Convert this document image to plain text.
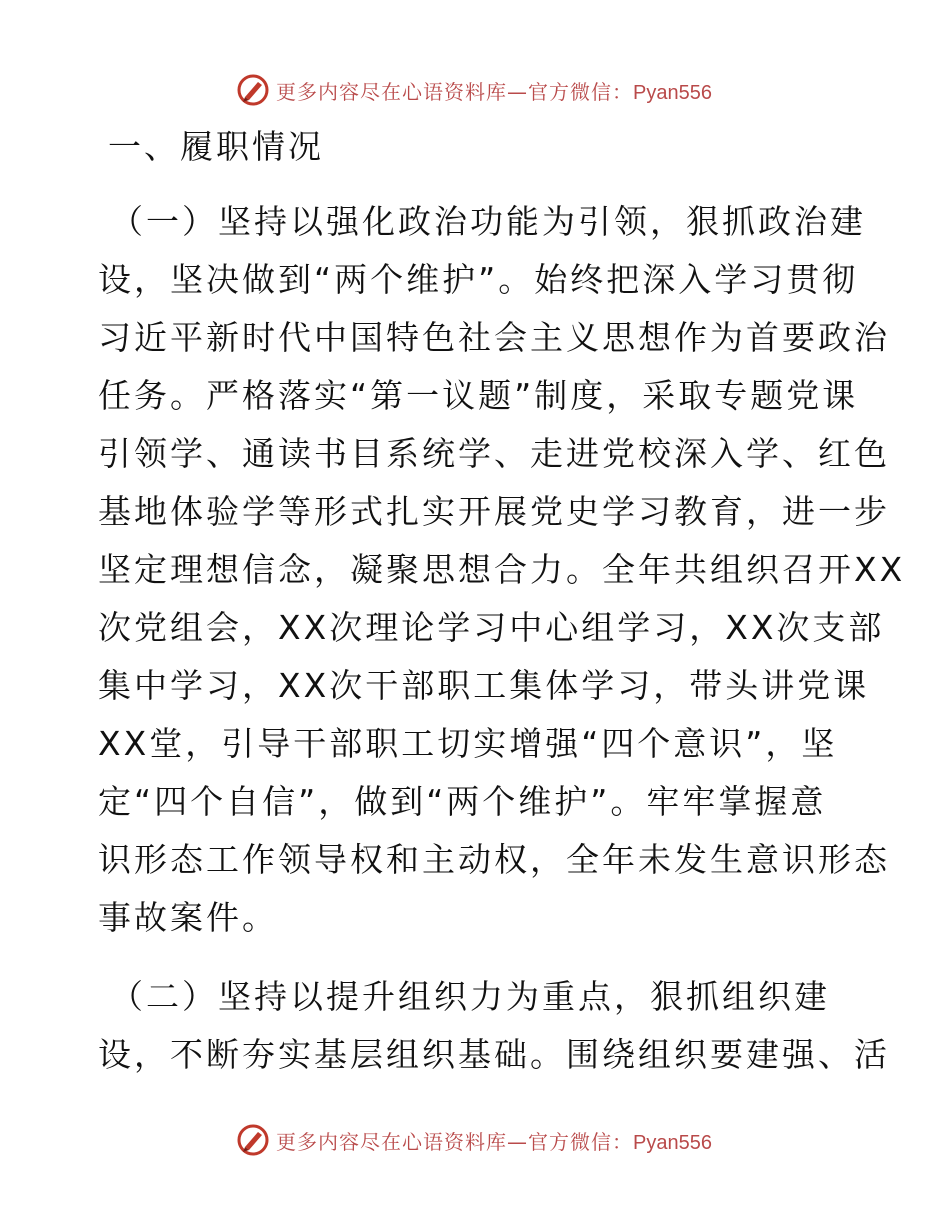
更多内容尽在心语资料库—官方微信：Pyan556
一、履职情况
（一）坚持以强化政治功能为引领，狠抓政治建
设，坚决做到“两个维护”。始终把深入学习贯彻
习近平新时代中国特色社会主义思想作为首要政治
任务。严格落实“第一议题”制度，采取专题党课
引领学、通读书目系统学、走进党校深入学、红色
基地体验学等形式扎实开展党史学习教育，进一步
坚定理想信念，凝聚思想合力。全年共组织召开XX
次党组会，XX次理论学习中心组学习，XX次支部
集中学习，XX次干部职工集体学习，带头讲党课
XX堂，引导干部职工切实增强“四个意识”，坚
定“四个自信”，做到“两个维护”。牢牢掌握意
识形态工作领导权和主动权，全年未发生意识形态
事故案件。
（二）坚持以提升组织力为重点，狠抓组织建
设，不断夯实基层组织基础。围绕组织要建强、活
更多内容尽在心语资料库—官方微信：Pyan556
